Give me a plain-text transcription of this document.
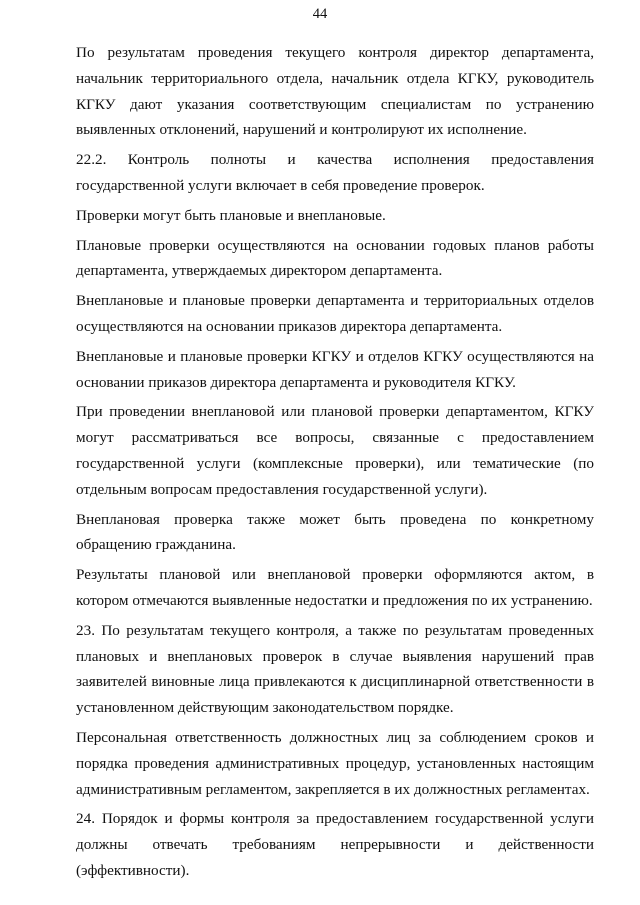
44

По результатам проведения текущего контроля директор департамента, начальник территориального отдела, начальник отдела КГКУ, руководитель КГКУ дают указания соответствующим специалистам по устранению выявленных отклонений, нарушений и контролируют их исполнение.

22.2. Контроль полноты и качества исполнения предоставления государственной услуги включает в себя проведение проверок.

Проверки могут быть плановые и внеплановые.

Плановые проверки осуществляются на основании годовых планов работы департамента, утверждаемых директором департамента.

Внеплановые и плановые проверки департамента и территориальных отделов осуществляются на основании приказов директора департамента.

Внеплановые и плановые проверки КГКУ и отделов КГКУ осуществляются на основании приказов директора департамента и руководителя КГКУ.

При проведении внеплановой или плановой проверки департаментом, КГКУ могут рассматриваться все вопросы, связанные с предоставлением государственной услуги (комплексные проверки), или тематические (по отдельным вопросам предоставления государственной услуги).

Внеплановая проверка также может быть проведена по конкретному обращению гражданина.

Результаты плановой или внеплановой проверки оформляются актом, в котором отмечаются выявленные недостатки и предложения по их устранению.

23. По результатам текущего контроля, а также по результатам проведенных плановых и внеплановых проверок в случае выявления нарушений прав заявителей виновные лица привлекаются к дисциплинарной ответственности в установленном действующим законодательством порядке.

Персональная ответственность должностных лиц за соблюдением сроков и порядка проведения административных процедур, установленных настоящим административным регламентом, закрепляется в их должностных регламентах.

24. Порядок и формы контроля за предоставлением государственной услуги должны отвечать требованиям непрерывности и действенности (эффективности).
